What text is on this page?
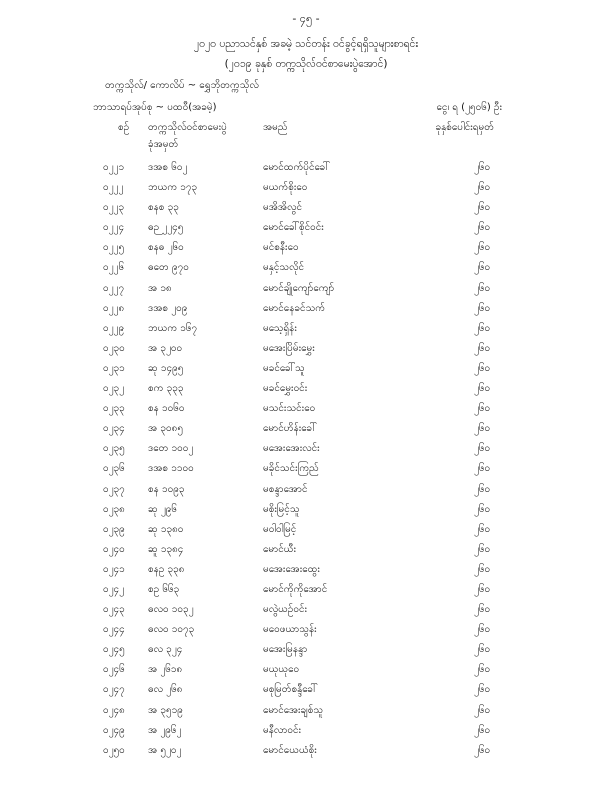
- ၄၅ -
၂၀၂၀ ပညာသင်နှစ် အခမဲ့ သင်တန်း ဝင်ခွင့်ရရှိသူများစာရင်း
(၂၀၁၉ ခုနှစ် တက္ကသိုလ်ဝင်စာမေးပွဲအောင်)
တက္ကသိုလ်/ ကောလိပ် ~ ရွှေဘိုတက္ကသိုလ်
ဘာသာရပ်အုပ်စု ~ ပထဝီ(အခမဲ့)	ငွေ၊ ရ (၂၅၀၆) ဦး
စဉ် တက္ကသိုလ်ဝင်စာမေးပွဲ
ခုံအမှတ်
အမည်	ခုနှစ်ပေါင်းရမှတ်
၀၂၂၁ ဒအစ ၆၀၂	မောင်ထက်ပိုင်ခေါ်	၂၆၀
၀၂၂၂ ဘယက ၁၇၃	မယက်စိုးဝေ	၂၆၀
၀၂၂၃ စနစ ၃၃	မအိအိလွင်	၂၆၀
၀၂၂၄ ဓဉ ၂၂၄၅	မောင်ခေါ်စိုင်ဝင်း	၂၆၀
၀၂၂၅ စနဓ ၂၆၀	မင်စနီးဝေ	၂၆၀
၀၂၂၆ ဓတေ ၉၇၀	မနှင့်သလိုင်	၂၆၀
၀၂၂၇ အ ၁၈	မောင်ချိုကျော်ကျော်	၂၆၀
၀၂၂၈ ဒအစ ၂၀၉	မောင်နေခင်သက်	၂၆၀
၀၂၂၉ ဘယက ၁၆၇	မသေ့ရှိန်း	၂၆၀
၀၂၃၀ အ ၃၂၀၀	မအေးပြိမ်းမွှေး	၂၆၀
၀၂၃၁ ဆု ၁၄၉၅	မခင်ခေါ်သူ	၂၆၀
၀၂၃၂ စက ၃၃၃	မခင်မွှေးဝင်း	၂၆၀
၀၂၃၃ စန ၁၀၆၀	မသင်းသင်းဝေ	၂၆၀
၀၂၃၄ အ ၃၀၈၅	မောင်ဟိန်းခေါ်	၂၆၀
၀၂၃၅ ဒတေ ၁၀၀၂	မအေးအေးလင်း	၂၆၀
၀၂၃၆ ဒအစ ၁၁၀၀	မခိုင်သင်းကြည်	၂၆၀
၀၂၃၇ စန ၁၀၉၃	မစန္ဒာအောင်	၂၆၀
၀၂၃၈ ဆု ၂၉၆	မစိုးမြင့်သူ	၂၆၀
၀၂၃၉ ဆု ၁၃၈၀	မဝါဝါမြင့်	၂၆၀
၀၂၄၀ ဆူ ၁၃၈၄	မောင်ယီး	၂၆၀
၀၂၄၁ စနဥ ၃၃၈	မအေးအေးထွေး	၂၆၀
၀၂၄၂ စဥ ၆၆၃	မောင်ကိုကိုအောင်	၂၆၀
၀၂၄၃ ဓလ၀ ၁၀၃၂	မလွဲယဉ်ဝင်း	၂၆၀
၀၂၄၄ ဓလ၀ ၁၀၇၃	မဝေဖယာသွန်း	၂၆၀
၀၂၄၅ ဓလ ၃၂၄	မအေးမြနန္ဒာ	၂၆၀
၀၂၄၆ အ ၂၆၁၈	မယုယုဝေ	၂၆၀
၀၂၄၇ ဓလ ၂၆၈	မစုမြတ်စန္ဒီခေါ်	၂၆၀
၀၂၄၈ အ ၃၅၁၉	မောင်အေးချစ်သူ	၂၆၀
၀၂၄၉ အ ၂၉၆၂	မနီလာဝင်း	၂၆၀
၀၂၅၀ အ ၅၂၀၂	မောင်ယေယံစိုး	၂၆၀
